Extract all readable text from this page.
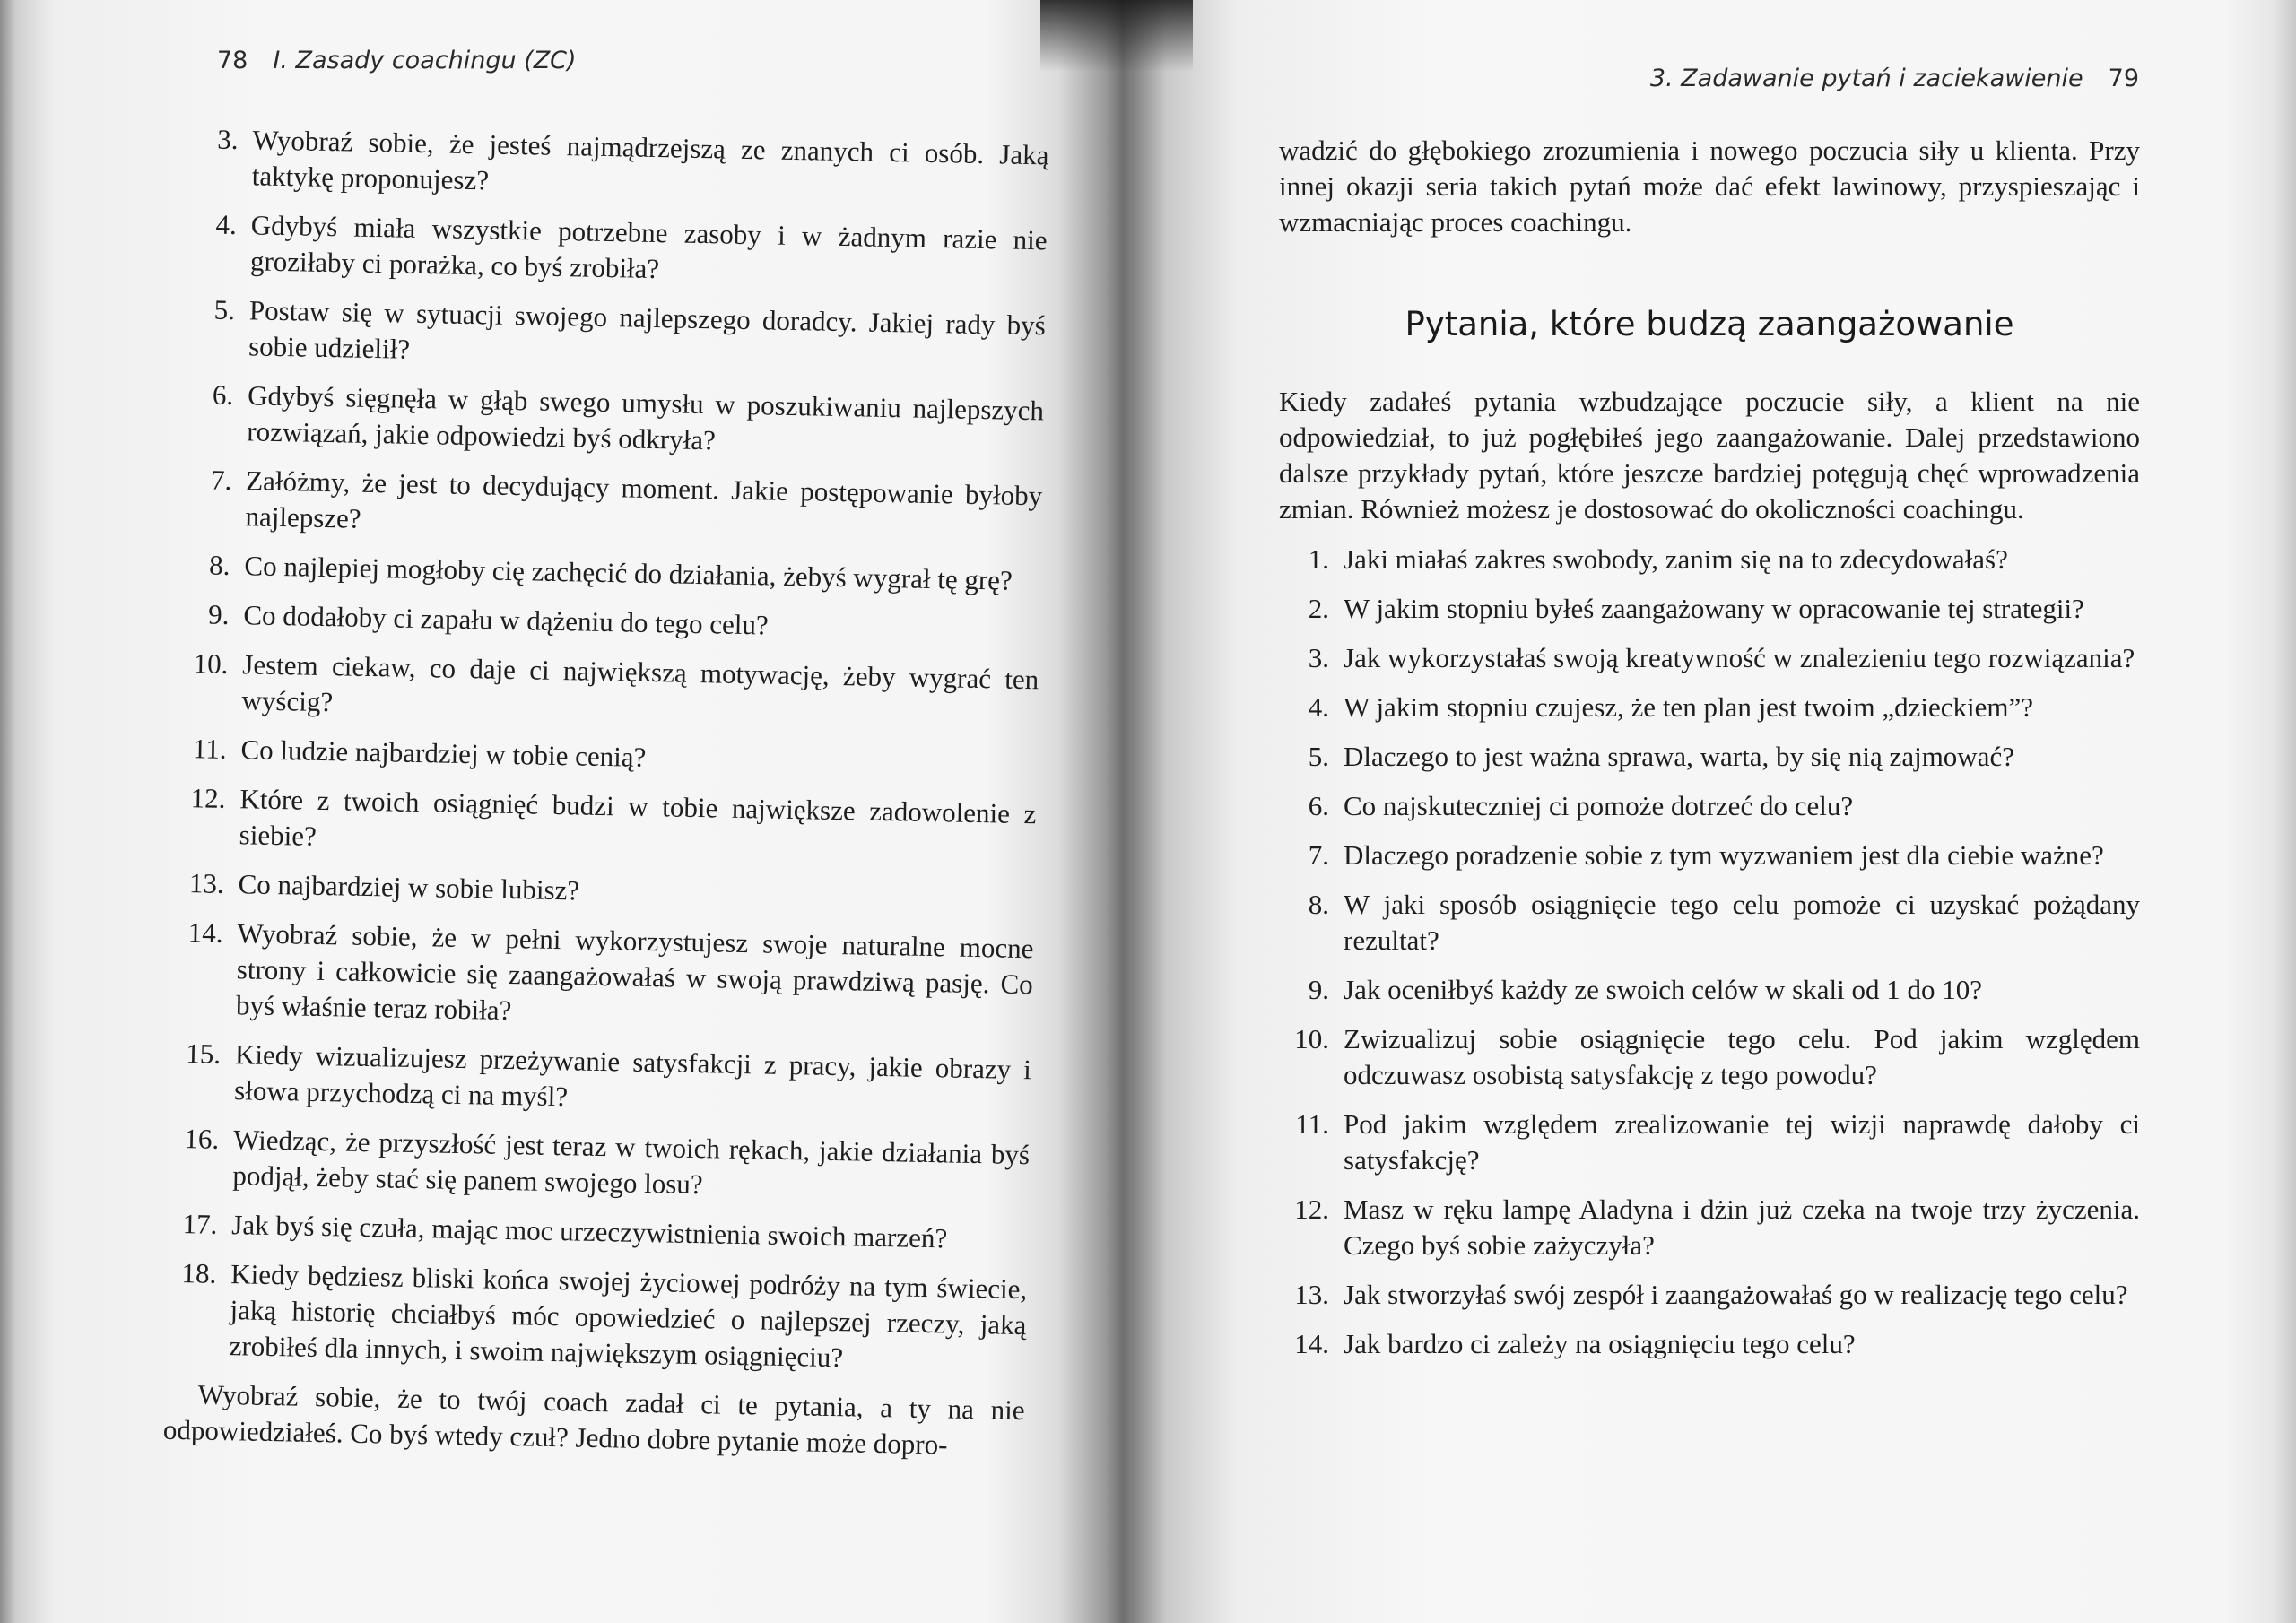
78 I. Zasady coachingu (ZC)
3. Wyobraź sobie, że jesteś najmądrzejszą ze znanych ci osób. Jaką taktykę proponujesz?
4. Gdybyś miała wszystkie potrzebne zasoby i w żadnym razie nie groziłaby ci porażka, co byś zrobiła?
5. Postaw się w sytuacji swojego najlepszego doradcy. Jakiej rady byś sobie udzielił?
6. Gdybyś sięgnęła w głąb swego umysłu w poszukiwaniu najlepszych rozwiązań, jakie odpowiedzi byś odkryła?
7. Załóżmy, że jest to decydujący moment. Jakie postępowanie byłoby najlepsze?
8. Co najlepiej mogłoby cię zachęcić do działania, żebyś wygrał tę grę?
9. Co dodałoby ci zapału w dążeniu do tego celu?
10. Jestem ciekaw, co daje ci największą motywację, żeby wygrać ten wyścig?
11. Co ludzie najbardziej w tobie cenią?
12. Które z twoich osiągnięć budzi w tobie największe zadowolenie z siebie?
13. Co najbardziej w sobie lubisz?
14. Wyobraź sobie, że w pełni wykorzystujesz swoje naturalne mocne strony i całkowicie się zaangażowałaś w swoją prawdziwą pasję. Co byś właśnie teraz robiła?
15. Kiedy wizualizujesz przeżywanie satysfakcji z pracy, jakie obrazy i słowa przychodzą ci na myśl?
16. Wiedząc, że przyszłość jest teraz w twoich rękach, jakie działania byś podjął, żeby stać się panem swojego losu?
17. Jak byś się czuła, mając moc urzeczywistnienia swoich marzeń?
18. Kiedy będziesz bliski końca swojej życiowej podróży na tym świecie, jaką historię chciałbyś móc opowiedzieć o najlepszej rzeczy, jaką zrobiłeś dla innych, i swoim największym osiągnięciu?

Wyobraź sobie, że to twój coach zadał ci te pytania, a ty na nie odpowiedziałeś. Co byś wtedy czuł? Jedno dobre pytanie może dopro-

3. Zadawanie pytań i zaciekawienie 79

wadzić do głębokiego zrozumienia i nowego poczucia siły u klienta. Przy innej okazji seria takich pytań może dać efekt lawinowy, przyspieszając i wzmacniając proces coachingu.

Pytania, które budzą zaangażowanie

Kiedy zadałeś pytania wzbudzające poczucie siły, a klient na nie odpowiedział, to już pogłębiłeś jego zaangażowanie. Dalej przedstawiono dalsze przykłady pytań, które jeszcze bardziej potęgują chęć wprowadzenia zmian. Również możesz je dostosować do okoliczności coachingu.

1. Jaki miałaś zakres swobody, zanim się na to zdecydowałaś?
2. W jakim stopniu byłeś zaangażowany w opracowanie tej strategii?
3. Jak wykorzystałaś swoją kreatywność w znalezieniu tego rozwiązania?
4. W jakim stopniu czujesz, że ten plan jest twoim „dzieckiem”?
5. Dlaczego to jest ważna sprawa, warta, by się nią zajmować?
6. Co najskuteczniej ci pomoże dotrzeć do celu?
7. Dlaczego poradzenie sobie z tym wyzwaniem jest dla ciebie ważne?
8. W jaki sposób osiągnięcie tego celu pomoże ci uzyskać pożądany rezultat?
9. Jak oceniłbyś każdy ze swoich celów w skali od 1 do 10?
10. Zwizualizuj sobie osiągnięcie tego celu. Pod jakim względem odczuwasz osobistą satysfakcję z tego powodu?
11. Pod jakim względem zrealizowanie tej wizji naprawdę dałoby ci satysfakcję?
12. Masz w ręku lampę Aladyna i dżin już czeka na twoje trzy życzenia. Czego byś sobie zażyczyła?
13. Jak stworzyłaś swój zespół i zaangażowałaś go w realizację tego celu?
14. Jak bardzo ci zależy na osiągnięciu tego celu?
